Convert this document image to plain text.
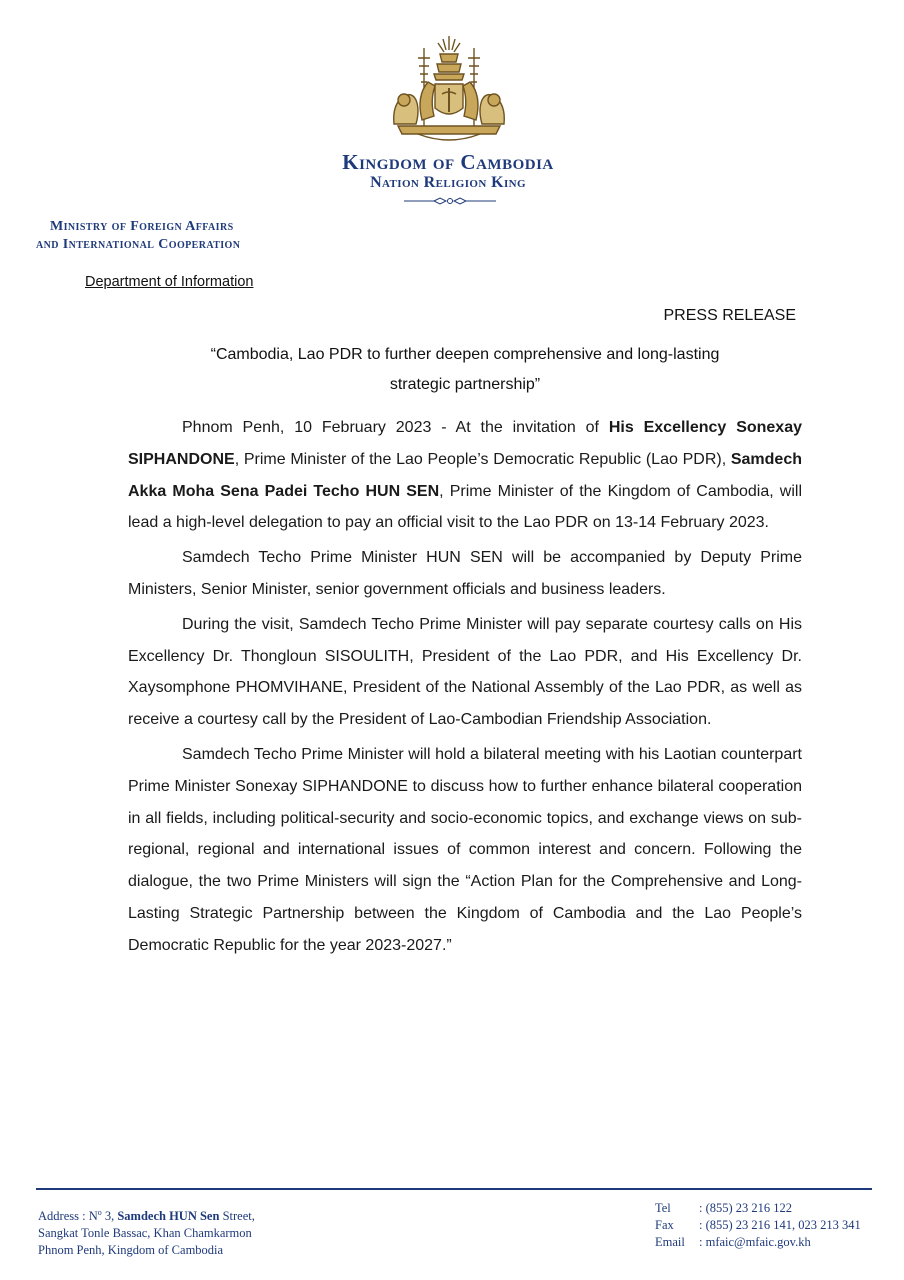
Kingdom of Cambodia
Nation Religion King
Ministry of Foreign Affairs
and International Cooperation
Department of Information
PRESS RELEASE
“Cambodia, Lao PDR to further deepen comprehensive and long-lasting
strategic partnership”

Phnom Penh, 10 February 2023 - At the invitation of His Excellency Sonexay SIPHANDONE, Prime Minister of the Lao People’s Democratic Republic (Lao PDR), Samdech Akka Moha Sena Padei Techo HUN SEN, Prime Minister of the Kingdom of Cambodia, will lead a high-level delegation to pay an official visit to the Lao PDR on 13-14 February 2023.

Samdech Techo Prime Minister HUN SEN will be accompanied by Deputy Prime Ministers, Senior Minister, senior government officials and business leaders.

During the visit, Samdech Techo Prime Minister will pay separate courtesy calls on His Excellency Dr. Thongloun SISOULITH, President of the Lao PDR, and His Excellency Dr. Xaysomphone PHOMVIHANE, President of the National Assembly of the Lao PDR, as well as receive a courtesy call by the President of Lao-Cambodian Friendship Association.

Samdech Techo Prime Minister will hold a bilateral meeting with his Laotian counterpart Prime Minister Sonexay SIPHANDONE to discuss how to further enhance bilateral cooperation in all fields, including political-security and socio-economic topics, and exchange views on sub-regional, regional and international issues of common interest and concern. Following the dialogue, the two Prime Ministers will sign the “Action Plan for the Comprehensive and Long-Lasting Strategic Partnership between the Kingdom of Cambodia and the Lao People’s Democratic Republic for the year 2023-2027.”

Address : $N^o$ 3, Samdech HUN Sen Street,
Sangkat Tonle Bassac, Khan Chamkarmon
Phnom Penh, Kingdom of Cambodia
Tel	: (855) 23 216 122
Fax	: (855) 23 216 141, 023 213 341
Email	: mfaic@mfaic.gov.kh
